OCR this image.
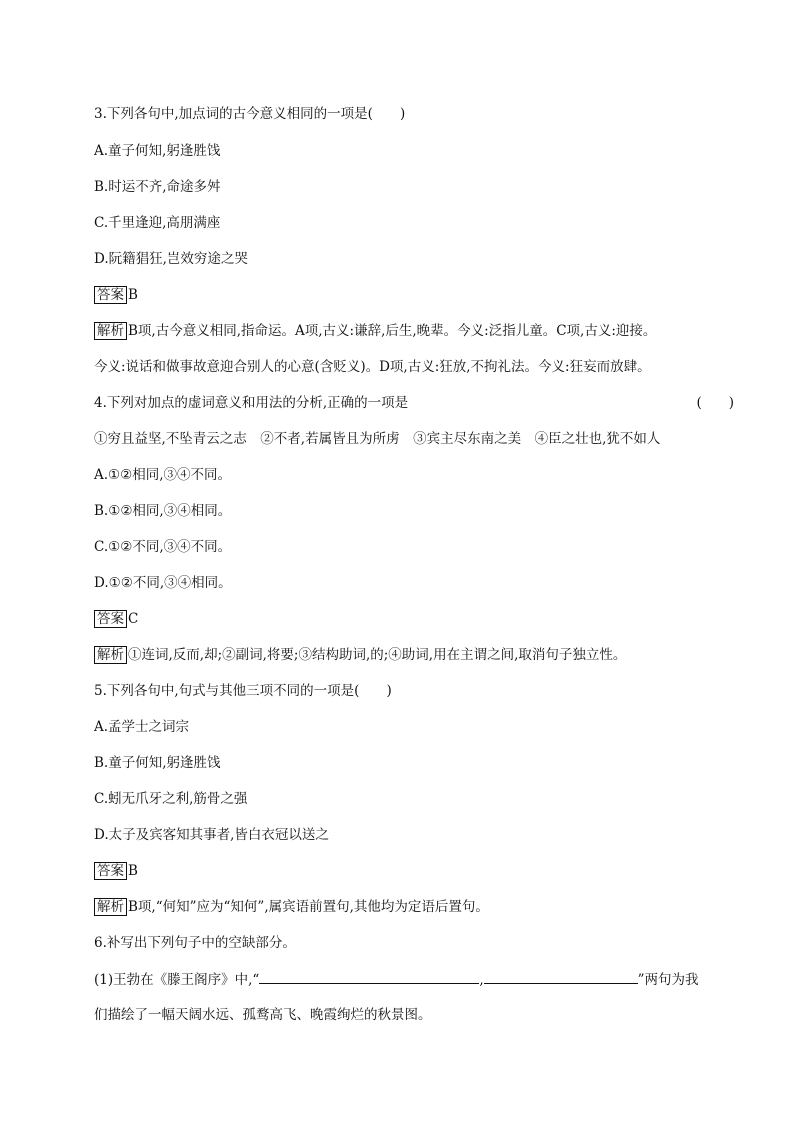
3.下列各句中,加点词的古今意义相同的一项是(　　)
A.童子何知,躬逢胜饯
B.时运不齐,命途多舛
C.千里逢迎,高朋满座
D.阮籍猖狂,岂效穷途之哭
答案 B
解析 B项,古今意义相同,指命运。A项,古义:谦辞,后生,晚辈。今义:泛指儿童。C项,古义:迎接。
今义:说话和做事故意迎合别人的心意(含贬义)。D项,古义:狂放,不拘礼法。今义:狂妄而放肆。
4.下列对加点的虚词意义和用法的分析,正确的一项是	(　　)
①穷且益坚,不坠青云之志　②不者,若属皆且为所虏　③宾主尽东南之美　④臣之壮也,犹不如人
A.①②相同,③④不同。
B.①②相同,③④相同。
C.①②不同,③④不同。
D.①②不同,③④相同。
答案 C
解析 ①连词,反而,却;②副词,将要;③结构助词,的;④助词,用在主谓之间,取消句子独立性。
5.下列各句中,句式与其他三项不同的一项是(　　)
A.孟学士之词宗
B.童子何知,躬逢胜饯
C.蚓无爪牙之利,筋骨之强
D.太子及宾客知其事者,皆白衣冠以送之
答案 B
解析 B项,“何知”应为“知何”,属宾语前置句,其他均为定语后置句。
6.补写出下列句子中的空缺部分。
(1)王勃在《滕王阁序》中,“	,	”两句为我
们描绘了一幅天阔水远、孤鹜高飞、晚霞绚烂的秋景图。
